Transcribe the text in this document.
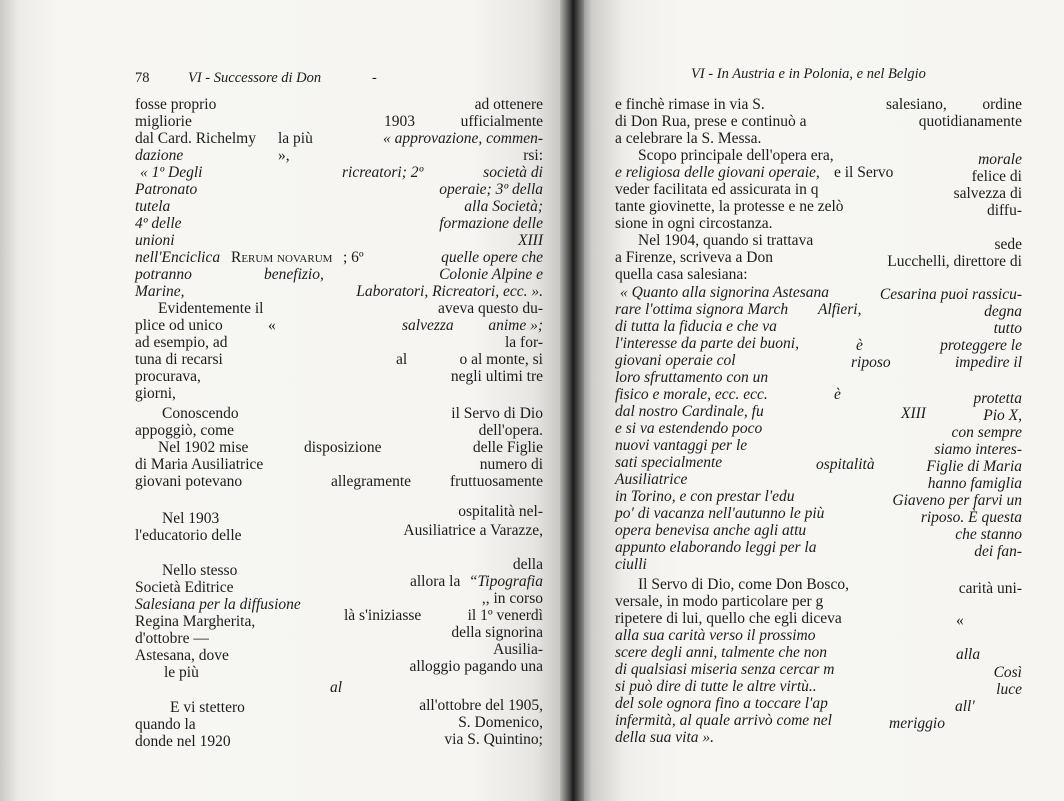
78	VI - Successore di Don	-
fosse proprio	ad ottenere
migliorie	1903	ufficialmente
dal Card. Richelmy la più	« approvazione, commen-
dazione	»,	rsi:
« 1º Degli	ricreatori; 2º	società di
Patronato	operaie; 3º della
tutela	alla Società;
4º delle	formazione delle
unioni	XIII
nell'Enciclica Rerum novarum ; 6º	quelle opere che
potranno	benefizio,	Colonie Alpine e
Marine,	Laboratori, Ricreatori, ecc. ».
Evidentemente il	aveva questo du-
plice od unico	«	salvezza anime »;
ad esempio, ad	la for-
tuna di recarsi	al	o al monte, si
procurava,	negli ultimi tre
giorni,
Conoscendo	il Servo di Dio
appoggiò, come	dell'opera.
Nel 1902 mise	disposizione	delle Figlie
di Maria Ausiliatrice	numero di
giovani potevano	allegramente	fruttuosamente
ospitalità nel-
Nel 1903
l'educatorio delle	Ausiliatrice a Varazze,
Nello stesso	della
Società Editrice	allora la “Tipografia
Salesiana per la diffusione	,, in corso
Regina Margherita,	là s'iniziasse	il 1º venerdì
d'ottobre —	della signorina
Astesana, dove	Ausilia-
le più	alloggio pagando una
al
E vi stettero	all'ottobre del 1905,
quando la	S. Domenico,
donde nel 1920	via S. Quintino;
VI - In Austria e in Polonia, e nel Belgio
e finchè rimase in via S.	salesiano, ordine
di Don Rua, prese e continuò a	quotidianamente
a celebrare la S. Messa.
Scopo principale dell'opera era,	morale
e religiosa delle giovani operaie, e il Servo	felice di
veder facilitata ed assicurata in q	salvezza di
tante giovinette, la protesse e ne zelò	diffu-
sione in ogni circostanza.
Nel 1904, quando si trattava	sede
a Firenze, scriveva a Don	Lucchelli, direttore di
quella casa salesiana:
« Quanto alla signorina Astesana	Cesarina puoi rassicu-
rare l'ottima signora March Alfieri,	degna
di tutta la fiducia e che va	tutto
l'interesse da parte dei buoni,	è	proteggere le
giovani operaie col	riposo	impedire il
loro sfruttamento con un
fisico e morale, ecc. ecc.	è	protetta
dal nostro Cardinale, fu	XIII	Pio X,
e si va estendendo poco	con sempre
nuovi vantaggi per le	siamo interes-
sati specialmente	ospitalità	Figlie di Maria
Ausiliatrice	hanno famiglia
in Torino, e con prestar l'edu	Giaveno per farvi un
po' di vacanza nell'autunno le più	riposo. È questa
opera benevisa anche agli attu	che stanno
appunto elaborando leggi per la	dei fan-
ciulli
Il Servo di Dio, come Don Bosco,	carità uni-
versale, in modo particolare per g
ripetere di lui, quello che egli diceva	«
alla sua carità verso il prossimo
scere degli anni, talmente che non	alla
di qualsiasi miseria senza cercar m	Così
si può dire di tutte le altre virtù..	luce
del sole ognora fino a toccare l'ap	all'
infermità, al quale arrivò come nel	meriggio
della sua vita ».
